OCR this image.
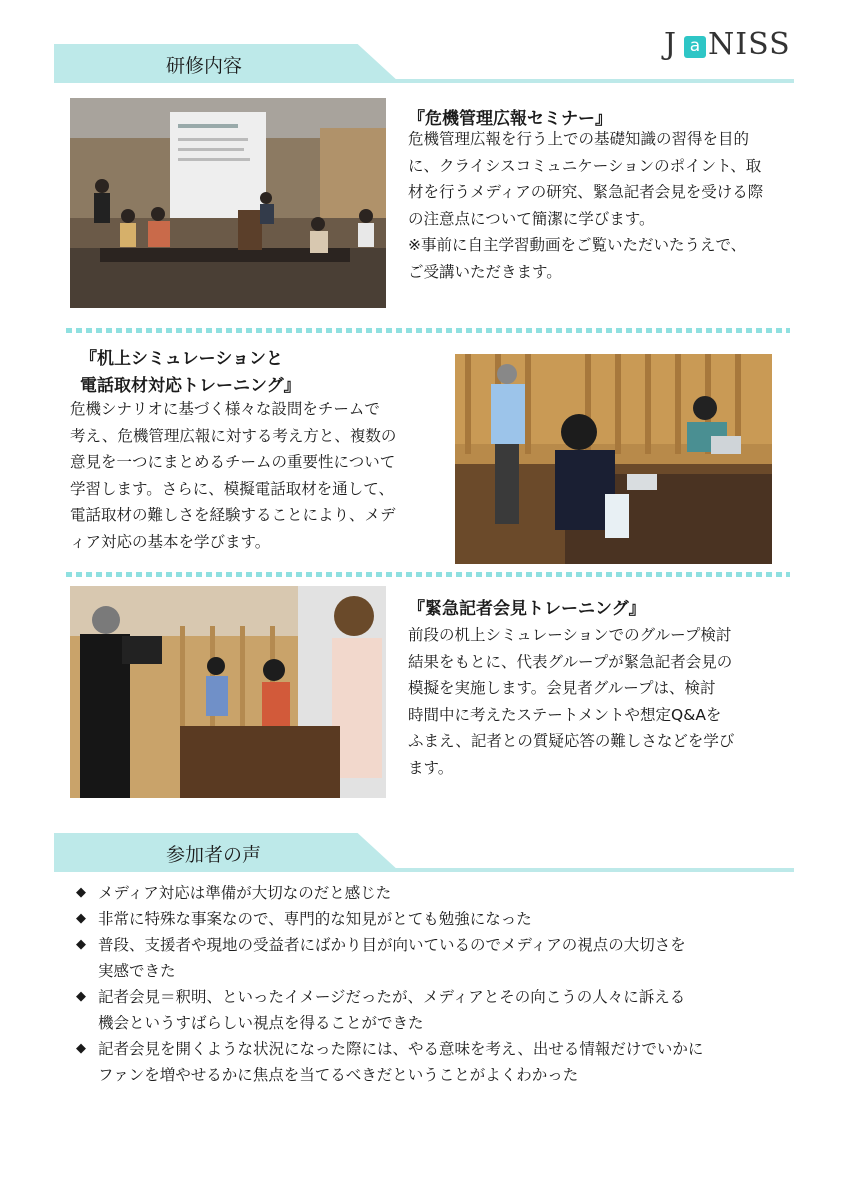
J a NISS
研修内容
『危機管理広報セミナー』

危機管理広報を行う上での基礎知識の習得を目的
に、クライシスコミュニケーションのポイント、取
材を行うメディアの研究、緊急記者会見を受ける際
の注意点について簡潔に学びます。
※事前に自主学習動画をご覧いただいたうえで、
ご受講いただきます。

『机上シミュレーションと
電話取材対応トレーニング』

危機シナリオに基づく様々な設問をチームで
考え、危機管理広報に対する考え方と、複数の
意見を一つにまとめるチームの重要性について
学習します。さらに、模擬電話取材を通して、
電話取材の難しさを経験することにより、メデ
ィア対応の基本を学びます。

『緊急記者会見トレーニング』

前段の机上シミュレーションでのグループ検討
結果をもとに、代表グループが緊急記者会見の
模擬を実施します。会見者グループは、検討
時間中に考えたステートメントや想定Q&Aを
ふまえ、記者との質疑応答の難しさなどを学び
ます。

参加者の声
◆ メディア対応は準備が大切なのだと感じた
◆ 非常に特殊な事案なので、専門的な知見がとても勉強になった
◆ 普段、支援者や現地の受益者にばかり目が向いているのでメディアの視点の大切さを
実感できた
◆ 記者会見＝釈明、といったイメージだったが、メディアとその向こうの人々に訴える
機会というすばらしい視点を得ることができた
◆ 記者会見を開くような状況になった際には、やる意味を考え、出せる情報だけでいかに
ファンを増やせるかに焦点を当てるべきだということがよくわかった
